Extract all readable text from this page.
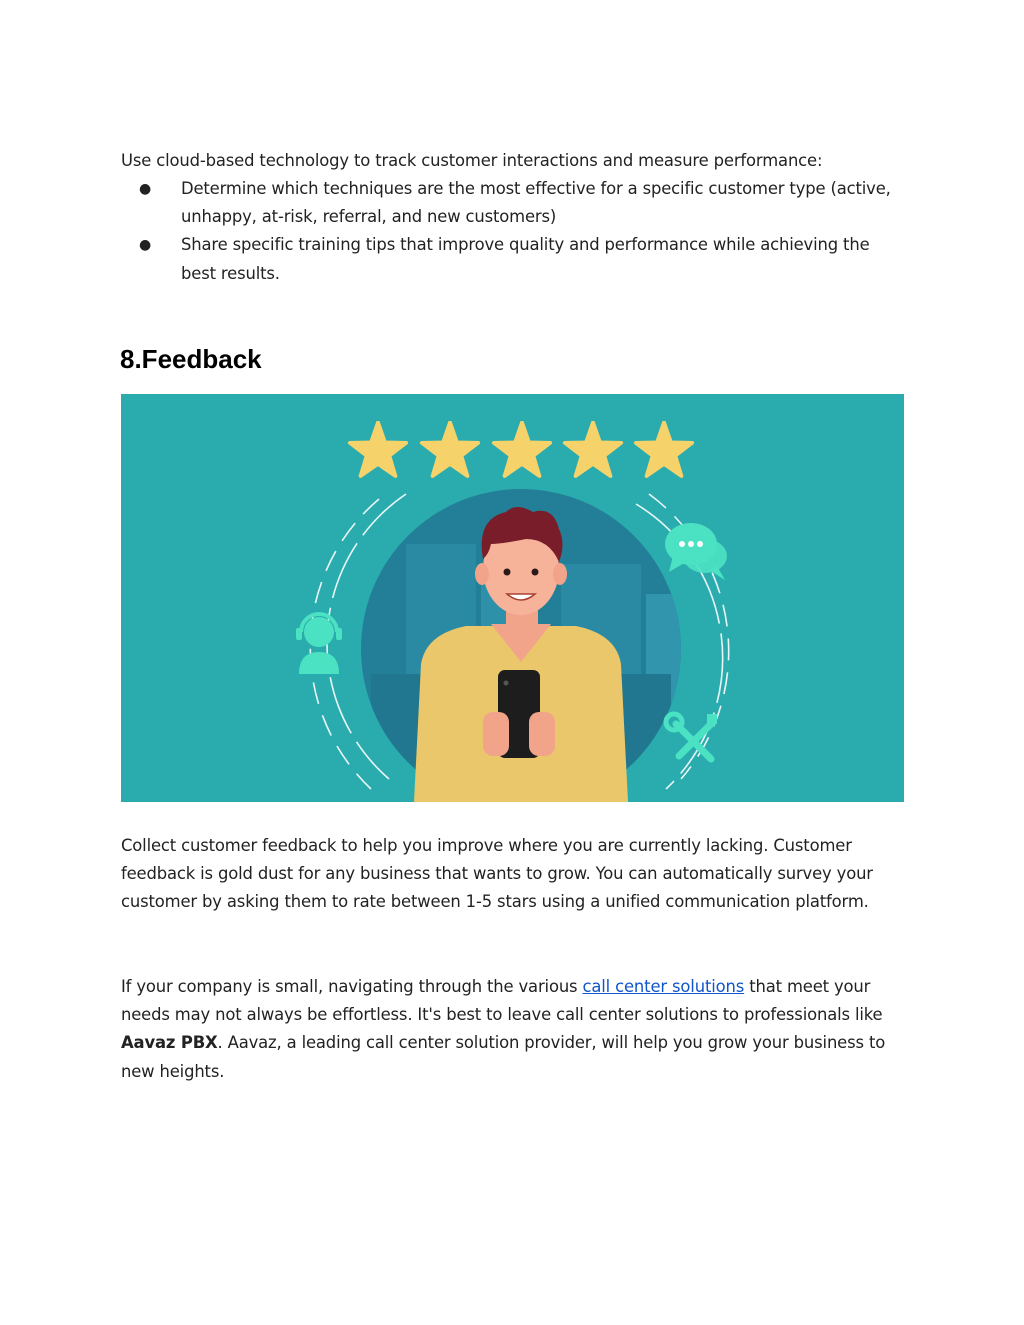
Use cloud-based technology to track customer interactions and measure performance:
● Determine which techniques are the most effective for a specific customer type (active, unhappy, at-risk, referral, and new customers)
● Share specific training tips that improve quality and performance while achieving the best results.
8.Feedback
Collect customer feedback to help you improve where you are currently lacking. Customer feedback is gold dust for any business that wants to grow. You can automatically survey your customer by asking them to rate between 1-5 stars using a unified communication platform.
If your company is small, navigating through the various call center solutions that meet your needs may not always be effortless. It's best to leave call center solutions to professionals like Aavaz PBX. Aavaz, a leading call center solution provider, will help you grow your business to new heights.
